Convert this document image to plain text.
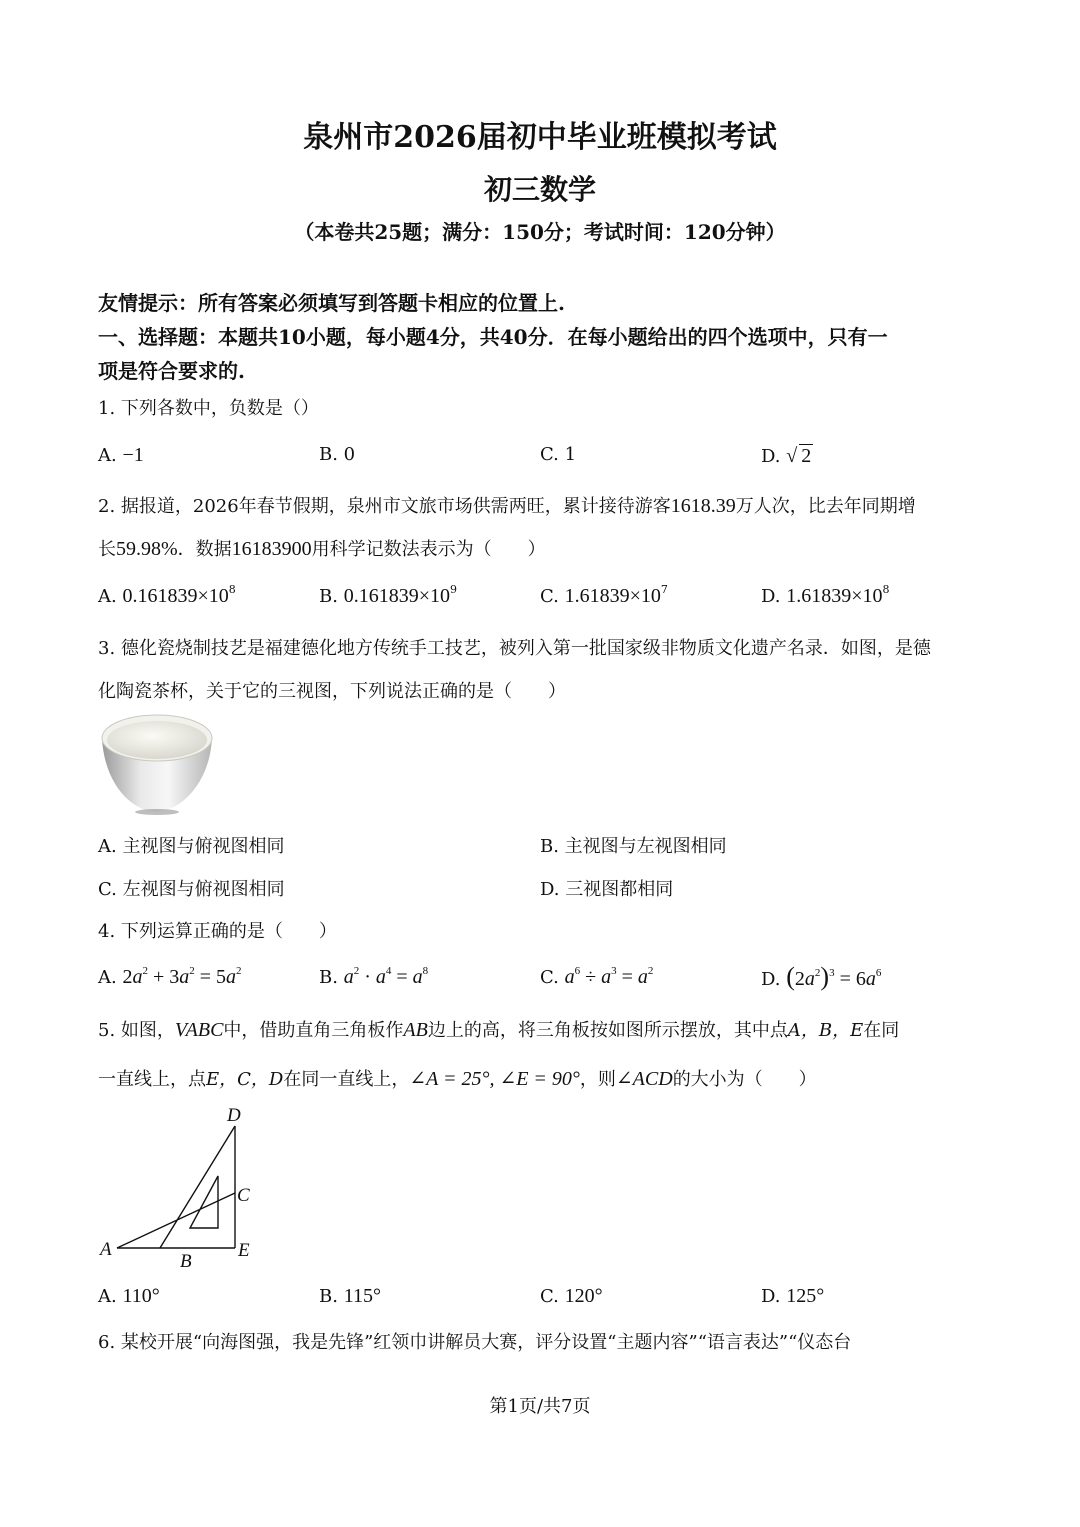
泉州市2026届初中毕业班模拟考试
初三数学
（本卷共25题；满分：150分；考试时间：120分钟）
友情提示：所有答案必须填写到答题卡相应的位置上.
一、选择题：本题共10小题，每小题4分，共40分．在每小题给出的四个选项中，只有一
项是符合要求的.
1. 下列各数中，负数是（）
A. −1	B. 0	C. 1	D. √ 2
2. 据报道，2026年春节假期，泉州市文旅市场供需两旺，累计接待游客1618.39万人次，比去年同期增
长59.98%．数据16183900用科学记数法表示为（　　）
A. $0.161839\times 10^8$	B. $0.161839\times 10^9$	C. $1.61839\times 10^7$	D. $1.61839\times 10^8$
3. 德化瓷烧制技艺是福建德化地方传统手工技艺，被列入第一批国家级非物质文化遗产名录．如图，是德
化陶瓷茶杯，关于它的三视图，下列说法正确的是（　　）
A. 主视图与俯视图相同	B. 主视图与左视图相同
C. 左视图与俯视图相同	D. 三视图都相同
4. 下列运算正确的是（　　）
A. $2a^2 + 3a^2 = 5a^2$	B. $a^2 \cdot a^4 = a^8$	C. $a^6 \div a^3 = a^2$	D. $(2a^2)^3 = 6a^6$
5. 如图，VABC中，借助直角三角板作AB边上的高，将三角板按如图所示摆放，其中点A，B，E在同
一直线上，点E，C，D在同一直线上，∠A = 25°, ∠E = 90°，则∠ACD的大小为（　　）
A
B
C
D
E
A. 110°	B. 115°	C. 120°	D. 125°
6. 某校开展“向海图强，我是先锋”红领巾讲解员大赛，评分设置“主题内容”“语言表达”“仪态台
第1页/共7页
